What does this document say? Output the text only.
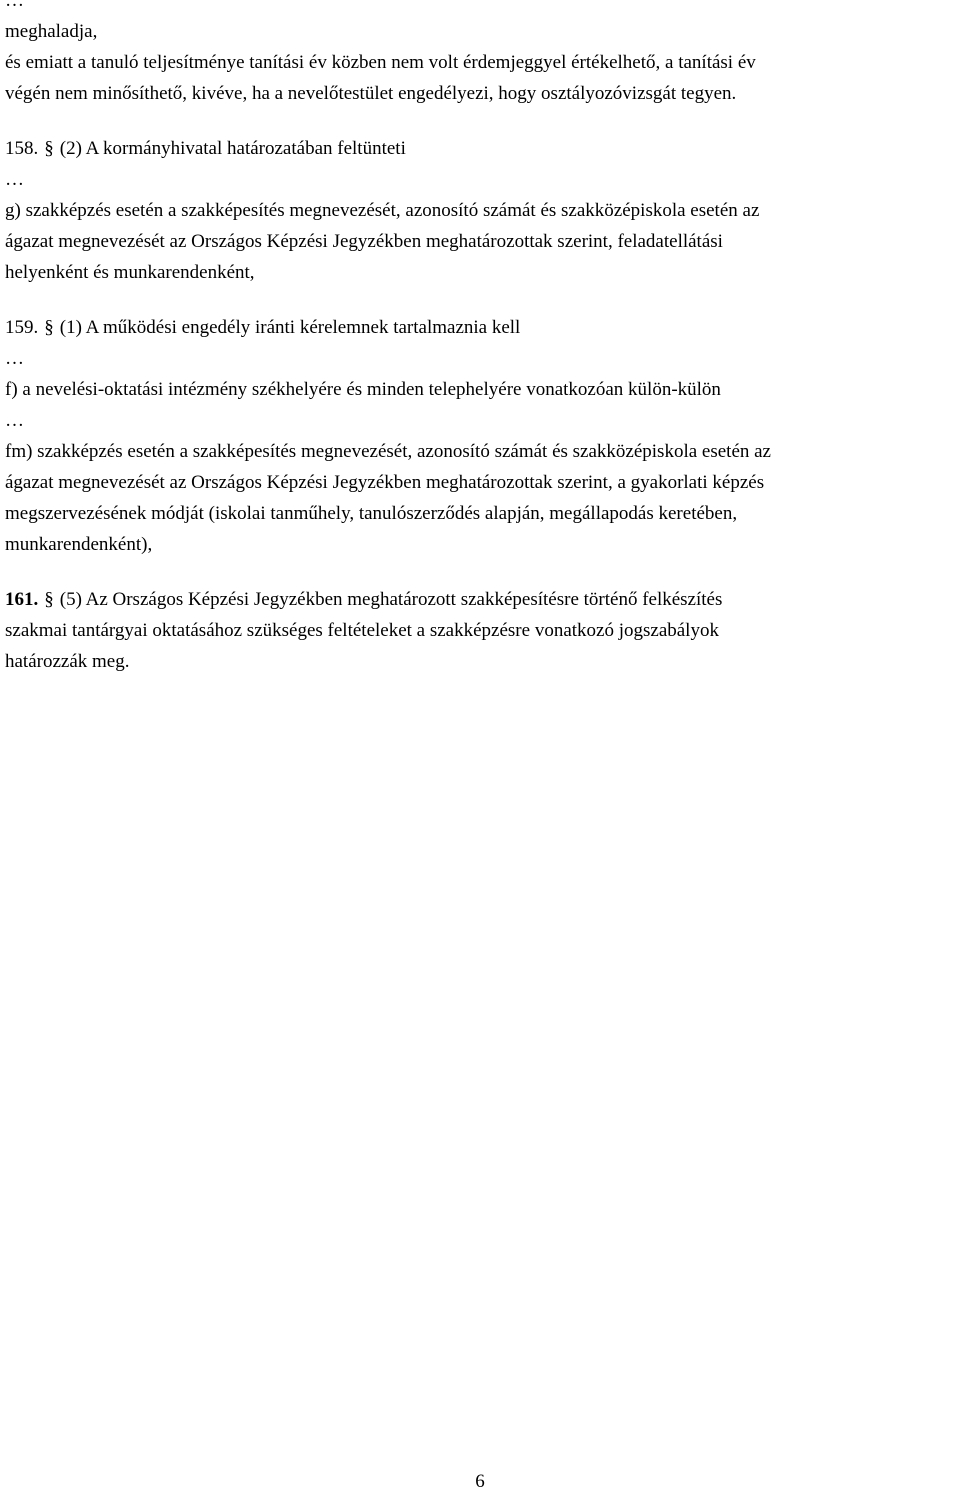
…
meghaladja,
és emiatt a tanuló teljesítménye tanítási év közben nem volt érdemjeggyel értékelhető, a tanítási év
végén nem minősíthető, kivéve, ha a nevelőtestület engedélyezi, hogy osztályozóvizsgát tegyen.
158. § (2) A kormányhivatal határozatában feltünteti
…
g) szakképzés esetén a szakképesítés megnevezését, azonosító számát és szakközépiskola esetén az
ágazat megnevezését az Országos Képzési Jegyzékben meghatározottak szerint, feladatellátási
helyenként és munkarendenként,
159. § (1) A működési engedély iránti kérelemnek tartalmaznia kell
…
f) a nevelési-oktatási intézmény székhelyére és minden telephelyére vonatkozóan külön-külön
…
fm) szakképzés esetén a szakképesítés megnevezését, azonosító számát és szakközépiskola esetén az
ágazat megnevezését az Országos Képzési Jegyzékben meghatározottak szerint, a gyakorlati képzés
megszervezésének módját (iskolai tanműhely, tanulószerződés alapján, megállapodás keretében,
munkarendenként),
161. § (5) Az Országos Képzési Jegyzékben meghatározott szakképesítésre történő felkészítés
szakmai tantárgyai oktatásához szükséges feltételeket a szakképzésre vonatkozó jogszabályok
határozzák meg.
6
